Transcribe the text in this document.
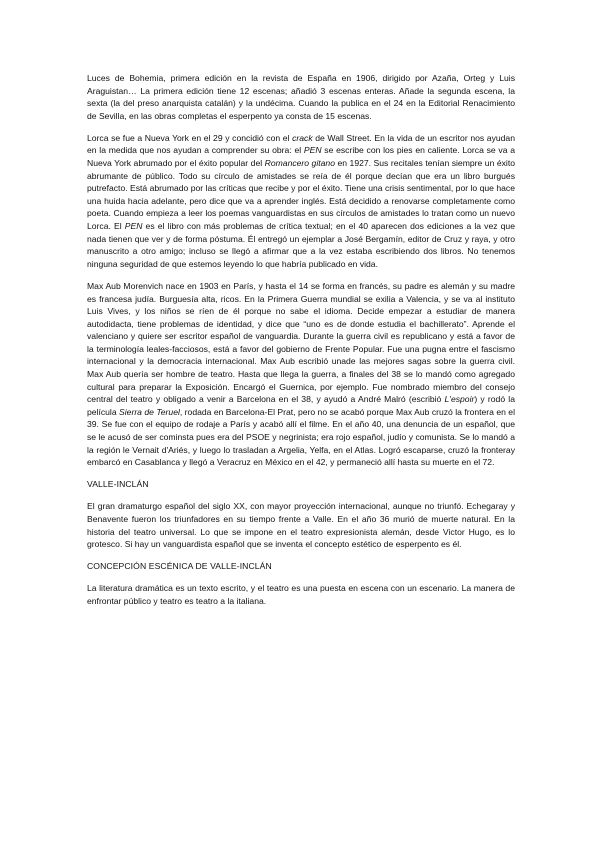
Luces de Bohemia, primera edición en la revista de España en 1906, dirigido por Azaña, Orteg y Luis Araguistan… La primera edición tiene 12 escenas; añadió 3 escenas enteras. Añade la segunda escena, la sexta (la del preso anarquista catalán) y la undécima. Cuando la publica en el 24 en la Editorial Renacimiento de Sevilla, en las obras completas el esperpento ya consta de 15 escenas.

Lorca se fue a Nueva York en el 29 y concidió con el crack de Wall Street. En la vida de un escritor nos ayudan en la medida que nos ayudan a comprender su obra: el PEN se escribe con los pies en caliente. Lorca se va a Nueva York abrumado por el éxito popular del Romancero gitano en 1927. Sus recitales tenían siempre un éxito abrumante de público. Todo su círculo de amistades se reía de él porque decían que era un libro burgués putrefacto. Está abrumado por las críticas que recibe y por el éxito. Tiene una crisis sentimental, por lo que hace una huida hacia adelante, pero dice que va a aprender inglés. Está decidido a renovarse completamente como poeta. Cuando empieza a leer los poemas vanguardistas en sus círculos de amistades lo tratan como un nuevo Lorca. El PEN es el libro con más problemas de crítica textual; en el 40 aparecen dos ediciones a la vez que nada tienen que ver y de forma póstuma. Él entregó un ejemplar a José Bergamín, editor de Cruz y raya, y otro manuscrito a otro amigo; incluso se llegó a afirmar que a la vez estaba escribiendo dos libros. No tenemos ninguna seguridad de que estemos leyendo lo que habría publicado en vida.

Max Aub Morenvich nace en 1903 en París, y hasta el 14 se forma en francés, su padre es alemán y su madre es francesa judía. Burguesía alta, ricos. En la Primera Guerra mundial se exilia a Valencia, y se va al instituto Luis Vives, y los niños se ríen de él porque no sabe el idioma. Decide empezar a estudiar de manera autodidacta, tiene problemas de identidad, y dice que “uno es de donde estudia el bachillerato”. Aprende el valenciano y quiere ser escritor español de vanguardia. Durante la guerra civil es republicano y está a favor de la terminología leales-facciosos, está a favor del gobierno de Frente Popular. Fue una pugna entre el fascismo internacional y la democracia internacional. Max Aub escribió unade las mejores sagas sobre la guerra civil. Max Aub quería ser hombre de teatro. Hasta que llega la guerra, a finales del 38 se lo mandó como agregado cultural para preparar la Exposición. Encargó el Guernica, por ejemplo. Fue nombrado miembro del consejo central del teatro y obligado a venir a Barcelona en el 38, y ayudó a André Malró (escribió L'espoir) y rodó la película Sierra de Teruel, rodada en Barcelona-El Prat, pero no se acabó porque Max Aub cruzó la frontera en el 39. Se fue con el equipo de rodaje a París y acabó allí el filme. En el año 40, una denuncia de un español, que se le acusó de ser cominsta pues era del PSOE y negrinista; era rojo español, judío y comunista. Se lo mandó a la región le Vernait d'Ariés, y luego lo trasladan a Argelia, Yelfa, en el Atlas. Logró escaparse, cruzó la fronteray embarcó en Casablanca y llegó a Veracruz en México en el 42, y permaneció allí hasta su muerte en el 72.

VALLE-INCLÁN

El gran dramaturgo español del siglo XX, con mayor proyección internacional, aunque no triunfó. Echegaray y Benavente fueron los triunfadores en su tiempo frente a Valle. En el año 36 murió de muerte natural. En la historia del teatro universal. Lo que se impone en el teatro expresionista alemán, desde Victor Hugo, es lo grotesco. Si hay un vanguardista español que se inventa el concepto estético de esperpento es él.

CONCEPCIÓN ESCÉNICA DE VALLE-INCLÁN

La literatura dramática es un texto escrito, y el teatro es una puesta en escena con un escenario. La manera de enfrontar público y teatro es teatro a la italiana.
